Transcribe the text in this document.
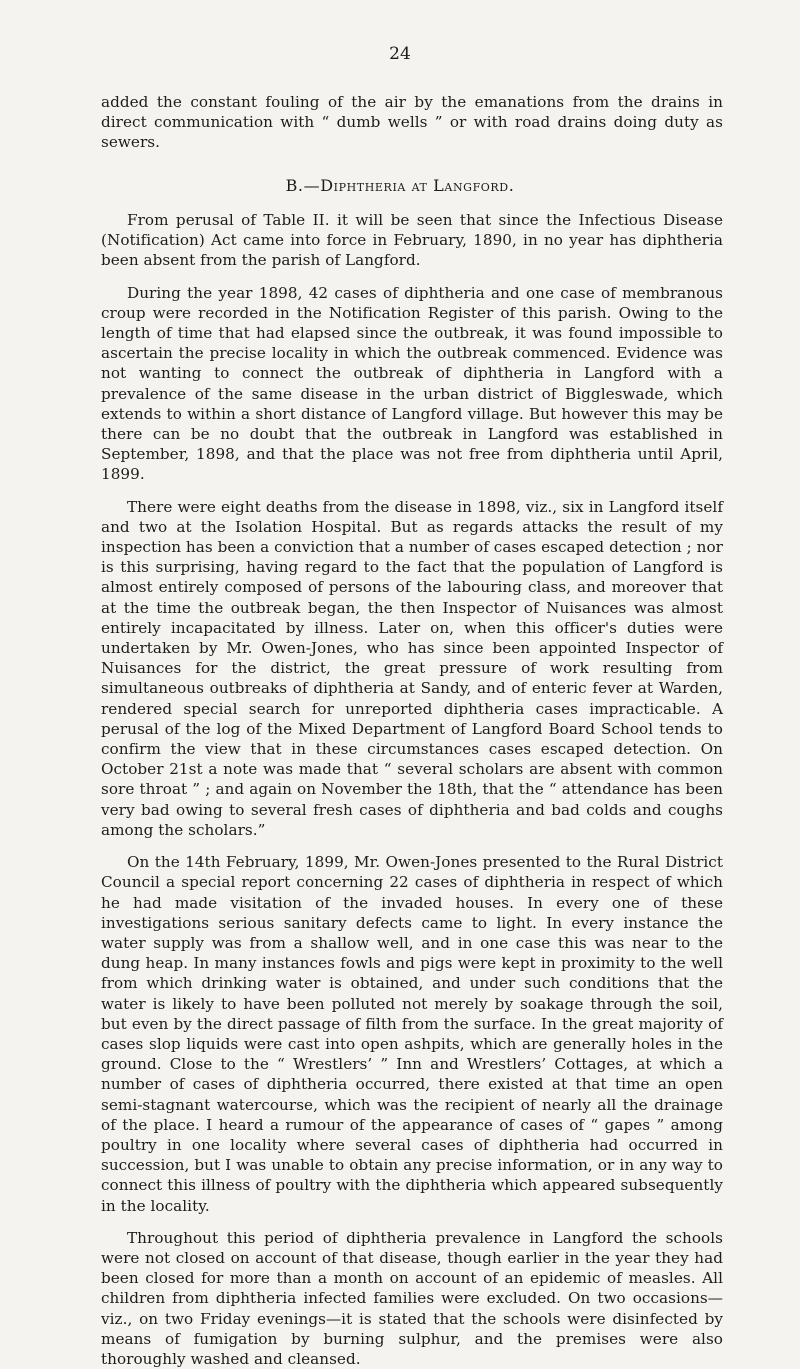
24

added the constant fouling of the air by the emanations from the drains in direct communication with “ dumb wells ” or with road drains doing duty as sewers.

B.—Diphtheria at Langford.

From perusal of Table II. it will be seen that since the Infectious Disease (Notification) Act came into force in February, 1890, in no year has diphtheria been absent from the parish of Langford.

During the year 1898, 42 cases of diphtheria and one case of membranous croup were recorded in the Notification Register of this parish. Owing to the length of time that had elapsed since the outbreak, it was found impossible to ascertain the precise locality in which the outbreak commenced. Evidence was not wanting to connect the outbreak of diphtheria in Langford with a prevalence of the same disease in the urban district of Biggleswade, which extends to within a short distance of Langford village. But however this may be there can be no doubt that the outbreak in Langford was established in September, 1898, and that the place was not free from diphtheria until April, 1899.

There were eight deaths from the disease in 1898, viz., six in Langford itself and two at the Isolation Hospital. But as regards attacks the result of my inspection has been a conviction that a number of cases escaped detection ; nor is this surprising, having regard to the fact that the population of Langford is almost entirely composed of persons of the labouring class, and moreover that at the time the outbreak began, the then Inspector of Nuisances was almost entirely incapacitated by illness. Later on, when this officer's duties were undertaken by Mr. Owen-Jones, who has since been appointed Inspector of Nuisances for the district, the great pressure of work resulting from simultaneous outbreaks of diphtheria at Sandy, and of enteric fever at Warden, rendered special search for unreported diphtheria cases impracticable. A perusal of the log of the Mixed Department of Langford Board School tends to confirm the view that in these circumstances cases escaped detection. On October 21st a note was made that “ several scholars are absent with common sore throat ” ; and again on November the 18th, that the “ attendance has been very bad owing to several fresh cases of diphtheria and bad colds and coughs among the scholars.”

On the 14th February, 1899, Mr. Owen-Jones presented to the Rural District Council a special report concerning 22 cases of diphtheria in respect of which he had made visitation of the invaded houses. In every one of these investigations serious sanitary defects came to light. In every instance the water supply was from a shallow well, and in one case this was near to the dung heap. In many instances fowls and pigs were kept in proximity to the well from which drinking water is obtained, and under such conditions that the water is likely to have been polluted not merely by soakage through the soil, but even by the direct passage of filth from the surface. In the great majority of cases slop liquids were cast into open ashpits, which are generally holes in the ground. Close to the “ Wrestlers’ ” Inn and Wrestlers’ Cottages, at which a number of cases of diphtheria occurred, there existed at that time an open semi-stagnant watercourse, which was the recipient of nearly all the drainage of the place. I heard a rumour of the appearance of cases of “ gapes ” among poultry in one locality where several cases of diphtheria had occurred in succession, but I was unable to obtain any precise information, or in any way to connect this illness of poultry with the diphtheria which appeared subsequently in the locality.

Throughout this period of diphtheria prevalence in Langford the schools were not closed on account of that disease, though earlier in the year they had been closed for more than a month on account of an epidemic of measles. All children from diphtheria infected families were excluded. On two occasions— viz., on two Friday evenings—it is stated that the schools were disinfected by means of fumigation by burning sulphur, and the premises were also thoroughly washed and cleansed.
